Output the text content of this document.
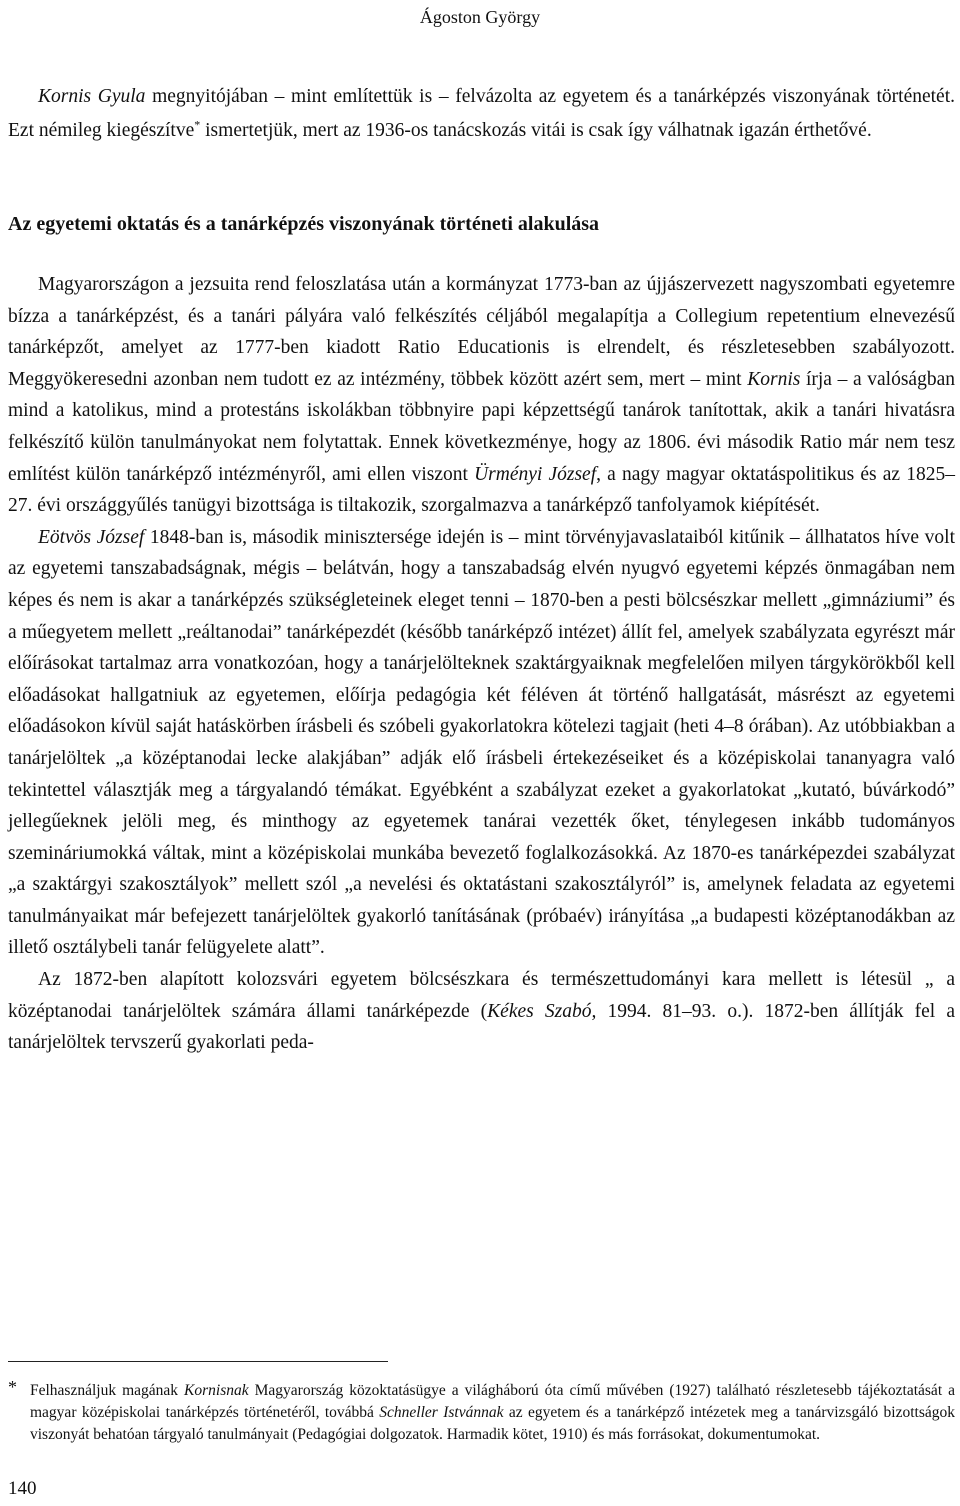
Ágoston György

Kornis Gyula megnyitójában – mint említettük is – felvázolta az egyetem és a tanárképzés viszonyának történetét. Ezt némileg kiegészítve* ismertetjük, mert az 1936-os tanácskozás vitái is csak így válhatnak igazán érthetővé.

Az egyetemi oktatás és a tanárképzés viszonyának történeti alakulása

Magyarországon a jezsuita rend feloszlatása után a kormányzat 1773-ban az újjászervezett nagyszombati egyetemre bízza a tanárképzést, és a tanári pályára való felkészítés céljából megalapítja a Collegium repetentium elnevezésű tanárképzőt, amelyet az 1777-ben kiadott Ratio Educationis is elrendelt, és részletesebben szabályozott. Meggyökeresedni azonban nem tudott ez az intézmény, többek között azért sem, mert – mint Kornis írja – a valóságban mind a katolikus, mind a protestáns iskolákban többnyire papi képzettségű tanárok tanítottak, akik a tanári hivatásra felkészítő külön tanulmányokat nem folytattak. Ennek következménye, hogy az 1806. évi második Ratio már nem tesz említést külön tanárképző intézményről, ami ellen viszont Ürményi József, a nagy magyar oktatáspolitikus és az 1825–27. évi országgyűlés tanügyi bizottsága is tiltakozik, szorgalmazva a tanárképző tanfolyamok kiépítését.

Eötvös József 1848-ban is, második minisztersége idején is – mint törvényjavaslataiból kitűnik – állhatatos híve volt az egyetemi tanszabadságnak, mégis – belátván, hogy a tanszabadság elvén nyugvó egyetemi képzés önmagában nem képes és nem is akar a tanárképzés szükségleteinek eleget tenni – 1870-ben a pesti bölcsészkar mellett „gimnáziumi” és a műegyetem mellett „reáltanodai” tanárképezdét (később tanárképző intézet) állít fel, amelyek szabályzata egyrészt már előírásokat tartalmaz arra vonatkozóan, hogy a tanárjelölteknek szaktárgyaiknak megfelelően milyen tárgykörökből kell előadásokat hallgatniuk az egyetemen, előírja pedagógia két féléven át történő hallgatását, másrészt az egyetemi előadásokon kívül saját hatáskörben írásbeli és szóbeli gyakorlatokra kötelezi tagjait (heti 4–8 órában). Az utóbbiakban a tanárjelöltek „a középtanodai lecke alakjában” adják elő írásbeli értekezéseiket és a középiskolai tananyagra való tekintettel választják meg a tárgyalandó témákat. Egyébként a szabályzat ezeket a gyakorlatokat „kutató, búvárkodó” jellegűeknek jelöli meg, és minthogy az egyetemek tanárai vezették őket, ténylegesen inkább tudományos szemináriumokká váltak, mint a középiskolai munkába bevezető foglalkozásokká. Az 1870-es tanárképezdei szabályzat „a szaktárgyi szakosztályok” mellett szól „a nevelési és oktatástani szakosztályról” is, amelynek feladata az egyetemi tanulmányaikat már befejezett tanárjelöltek gyakorló tanításának (próbaév) irányítása „a budapesti középtanodákban az illető osztálybeli tanár felügyelete alatt”.

Az 1872-ben alapított kolozsvári egyetem bölcsészkara és természettudományi kara mellett is létesül „ a középtanodai tanárjelöltek számára állami tanárképezde (Kékes Szabó, 1994. 81–93. o.). 1872-ben állítják fel a tanárjelöltek tervszerű gyakorlati peda-

* Felhasználjuk magának Kornisnak Magyarország közoktatásügye a világháború óta című művében (1927) található részletesebb tájékoztatását a magyar középiskolai tanárképzés történetéről, továbbá Schneller Istvánnak az egyetem és a tanárképző intézetek meg a tanárvizsgáló bizottságok viszonyát behatóan tárgyaló tanulmányait (Pedagógiai dolgozatok. Harmadik kötet, 1910) és más forrásokat, dokumentumokat.

140
